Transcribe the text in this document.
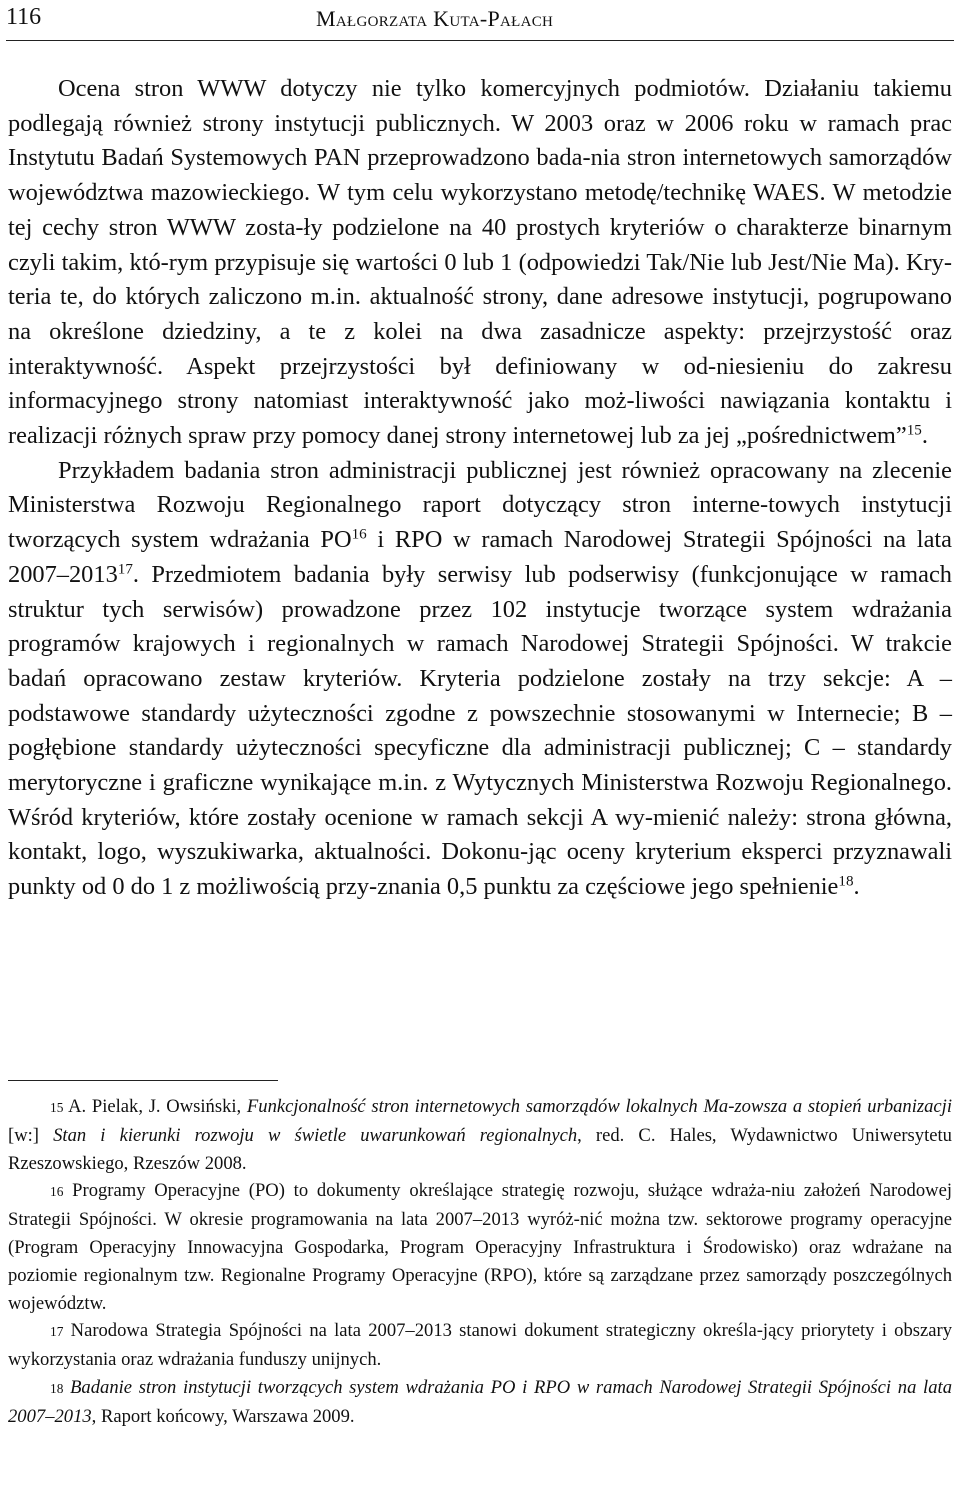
116	Małgorzata Kuta-Pałach

Ocena stron WWW dotyczy nie tylko komercyjnych podmiotów. Działaniu takiemu podlegają również strony instytucji publicznych. W 2003 oraz w 2006 roku w ramach prac Instytutu Badań Systemowych PAN przeprowadzono bada-nia stron internetowych samorządów województwa mazowieckiego. W tym celu wykorzystano metodę/technikę WAES. W metodzie tej cechy stron WWW zosta-ły podzielone na 40 prostych kryteriów o charakterze binarnym czyli takim, któ-rym przypisuje się wartości 0 lub 1 (odpowiedzi Tak/Nie lub Jest/Nie Ma). Kry-teria te, do których zaliczono m.in. aktualność strony, dane adresowe instytucji, pogrupowano na określone dziedziny, a te z kolei na dwa zasadnicze aspekty: przejrzystość oraz interaktywność. Aspekt przejrzystości był definiowany w od-niesieniu do zakresu informacyjnego strony natomiast interaktywność jako moż-liwości nawiązania kontaktu i realizacji różnych spraw przy pomocy danej strony internetowej lub za jej „pośrednictwem”$^{15}$.

Przykładem badania stron administracji publicznej jest również opracowany na zlecenie Ministerstwa Rozwoju Regionalnego raport dotyczący stron interne-towych instytucji tworzących system wdrażania PO$^{16}$ i RPO w ramach Narodowej Strategii Spójności na lata 2007–2013$^{17}$. Przedmiotem badania były serwisy lub podserwisy (funkcjonujące w ramach struktur tych serwisów) prowadzone przez 102 instytucje tworzące system wdrażania programów krajowych i regionalnych w ramach Narodowej Strategii Spójności. W trakcie badań opracowano zestaw kryteriów. Kryteria podzielone zostały na trzy sekcje: A – podstawowe standardy użyteczności zgodne z powszechnie stosowanymi w Internecie; B – pogłębione standardy użyteczności specyficzne dla administracji publicznej; C – standardy merytoryczne i graficzne wynikające m.in. z Wytycznych Ministerstwa Rozwoju Regionalnego. Wśród kryteriów, które zostały ocenione w ramach sekcji A wy-mienić należy: strona główna, kontakt, logo, wyszukiwarka, aktualności. Dokonu-jąc oceny kryterium eksperci przyznawali punkty od 0 do 1 z możliwością przy-znania 0,5 punktu za częściowe jego spełnienie$^{18}$.

15 A. Pielak, J. Owsiński, Funkcjonalność stron internetowych samorządów lokalnych Ma-zowsza a stopień urbanizacji [w:] Stan i kierunki rozwoju w świetle uwarunkowań regionalnych, red. C. Hales, Wydawnictwo Uniwersytetu Rzeszowskiego, Rzeszów 2008.

16 Programy Operacyjne (PO) to dokumenty określające strategię rozwoju, służące wdraża-niu założeń Narodowej Strategii Spójności. W okresie programowania na lata 2007–2013 wyróż-nić można tzw. sektorowe programy operacyjne (Program Operacyjny Innowacyjna Gospodarka, Program Operacyjny Infrastruktura i Środowisko) oraz wdrażane na poziomie regionalnym tzw. Regionalne Programy Operacyjne (RPO), które są zarządzane przez samorządy poszczególnych województw.

17 Narodowa Strategia Spójności na lata 2007–2013 stanowi dokument strategiczny określa-jący priorytety i obszary wykorzystania oraz wdrażania funduszy unijnych.

18 Badanie stron instytucji tworzących system wdrażania PO i RPO w ramach Narodowej Strategii Spójności na lata 2007–2013, Raport końcowy, Warszawa 2009.
